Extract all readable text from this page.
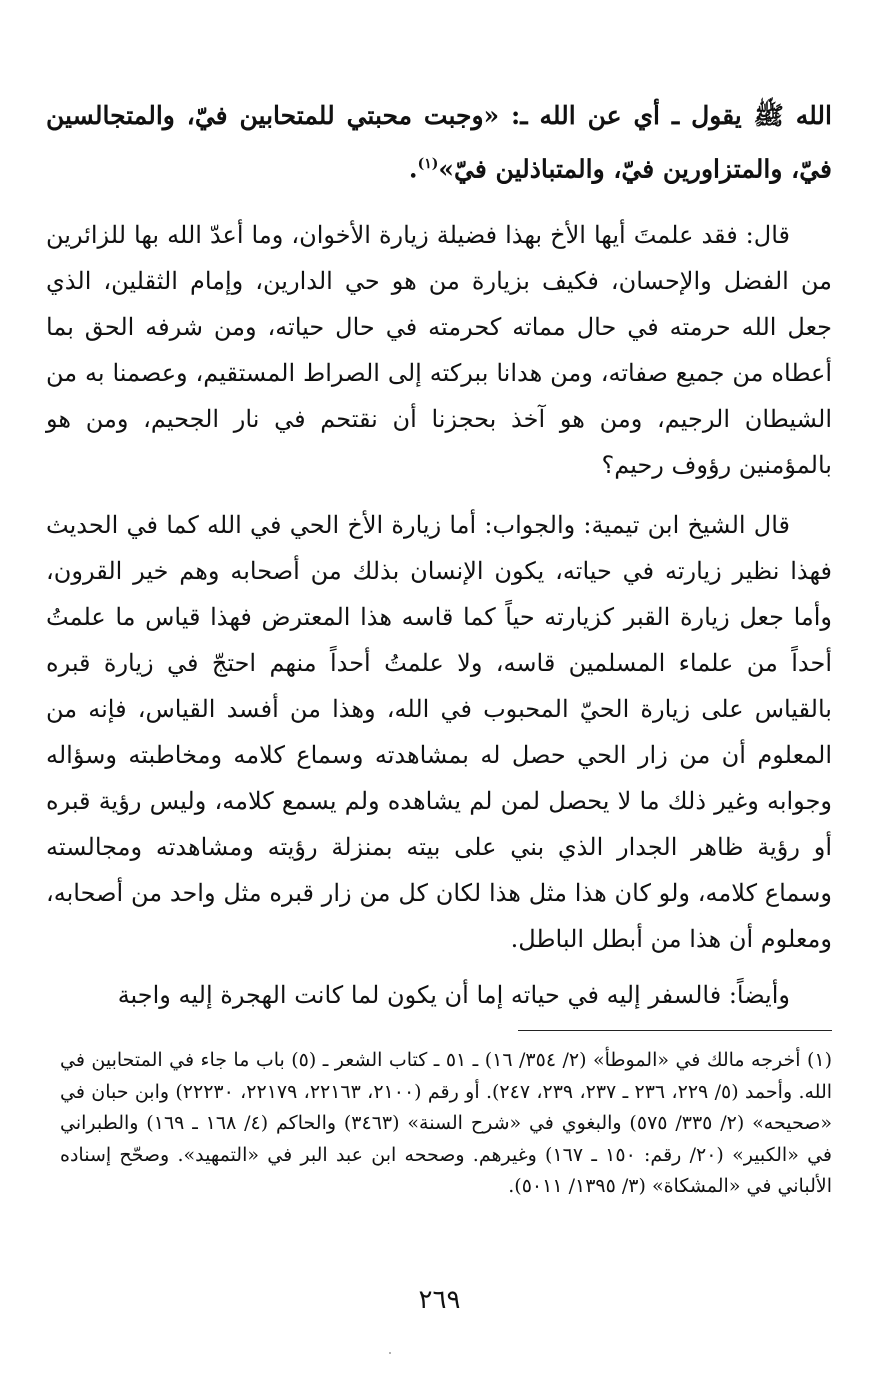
الله ﷺ يقول ـ أي عن الله ـ: «وجبت محبتي للمتحابين فيّ، والمتجالسين فيّ، والمتزاورين فيّ، والمتباذلين فيّ»$^{(١)}$.
قال: فقد علمتَ أيها الأخ بهذا فضيلة زيارة الأخوان، وما أعدّ الله بها للزائرين من الفضل والإحسان، فكيف بزيارة من هو حي الدارين، وإمام الثقلين، الذي جعل الله حرمته في حال مماته كحرمته في حال حياته، ومن شرفه الحق بما أعطاه من جميع صفاته، ومن هدانا ببركته إلى الصراط المستقيم، وعصمنا به من الشيطان الرجيم، ومن هو آخذ بحجزنا أن نقتحم في نار الجحيم، ومن هو بالمؤمنين رؤوف رحيم؟
قال الشيخ ابن تيمية: والجواب: أما زيارة الأخ الحي في الله كما في الحديث فهذا نظير زيارته في حياته، يكون الإنسان بذلك من أصحابه وهم خير القرون، وأما جعل زيارة القبر كزيارته حياً كما قاسه هذا المعترض فهذا قياس ما علمتُ أحداً من علماء المسلمين قاسه، ولا علمتُ أحداً منهم احتجّ في زيارة قبره بالقياس على زيارة الحيّ المحبوب في الله، وهذا من أفسد القياس، فإنه من المعلوم أن من زار الحي حصل له بمشاهدته وسماع كلامه ومخاطبته وسؤاله وجوابه وغير ذلك ما لا يحصل لمن لم يشاهده ولم يسمع كلامه، وليس رؤية قبره أو رؤية ظاهر الجدار الذي بني على بيته بمنزلة رؤيته ومشاهدته ومجالسته وسماع كلامه، ولو كان هذا مثل هذا لكان كل من زار قبره مثل واحد من أصحابه، ومعلوم أن هذا من أبطل الباطل.
وأيضاً: فالسفر إليه في حياته إما أن يكون لما كانت الهجرة إليه واجبة
(١) أخرجه مالك في «الموطأ» (٢/ ٣٥٤/ ١٦) ـ ٥١ ـ كتاب الشعر ـ (٥) باب ما جاء في المتحابين في الله. وأحمد (٥/ ٢٢٩، ٢٣٦ ـ ٢٣٧، ٢٣٩، ٢٤٧). أو رقم (٢١٠٠، ٢٢١٦٣، ٢٢١٧٩، ٢٢٢٣٠) وابن حبان في «صحيحه» (٢/ ٣٣٥/ ٥٧٥) والبغوي في «شرح السنة» (٣٤٦٣) والحاكم (٤/ ١٦٨ ـ ١٦٩) والطبراني في «الكبير» (٢٠/ رقم: ١٥٠ ـ ١٦٧) وغيرهم. وصححه ابن عبد البر في «التمهيد». وصحّح إسناده الألباني في «المشكاة» (٣/ ١٣٩٥/ ٥٠١١).
٢٦٩
